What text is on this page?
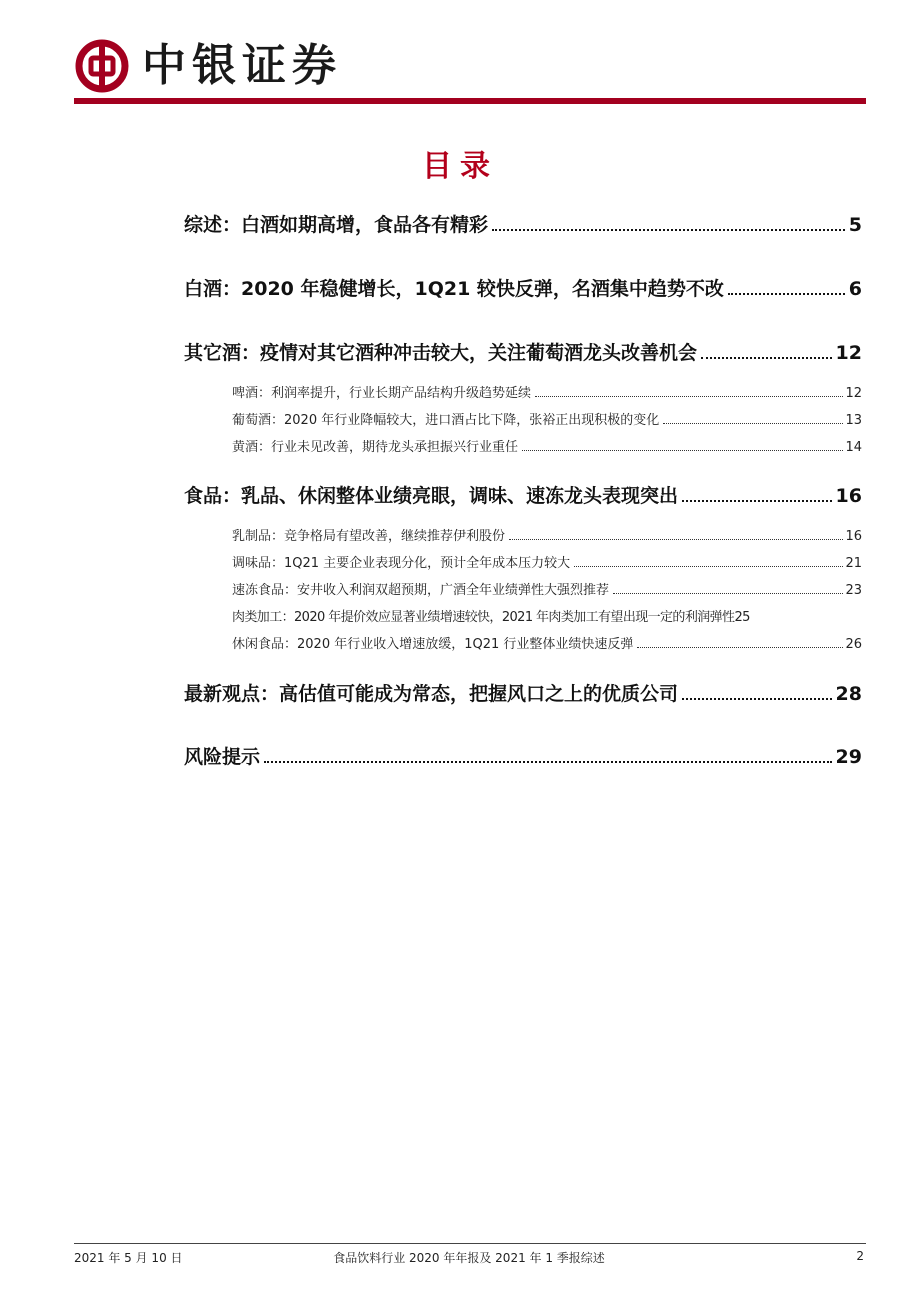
中银证券
目录
综述：白酒如期高增，食品各有精彩	5
白酒：2020 年稳健增长，1Q21 较快反弹，名酒集中趋势不改	6
其它酒：疫情对其它酒种冲击较大，关注葡萄酒龙头改善机会	12
啤酒：利润率提升，行业长期产品结构升级趋势延续	12
葡萄酒：2020 年行业降幅较大，进口酒占比下降，张裕正出现积极的变化	13
黄酒：行业未见改善，期待龙头承担振兴行业重任	14
食品：乳品、休闲整体业绩亮眼，调味、速冻龙头表现突出	16
乳制品：竞争格局有望改善，继续推荐伊利股份	16
调味品：1Q21 主要企业表现分化，预计全年成本压力较大	21
速冻食品：安井收入利润双超预期，广酒全年业绩弹性大强烈推荐	23
肉类加工：2020 年提价效应显著业绩增速较快，2021 年肉类加工有望出现一定的利润弹性 25
休闲食品：2020 年行业收入增速放缓，1Q21 行业整体业绩快速反弹	26
最新观点：高估值可能成为常态，把握风口之上的优质公司	28
风险提示	29
2021 年 5 月 10 日	食品饮料行业 2020 年年报及 2021 年 1 季报综述	2
